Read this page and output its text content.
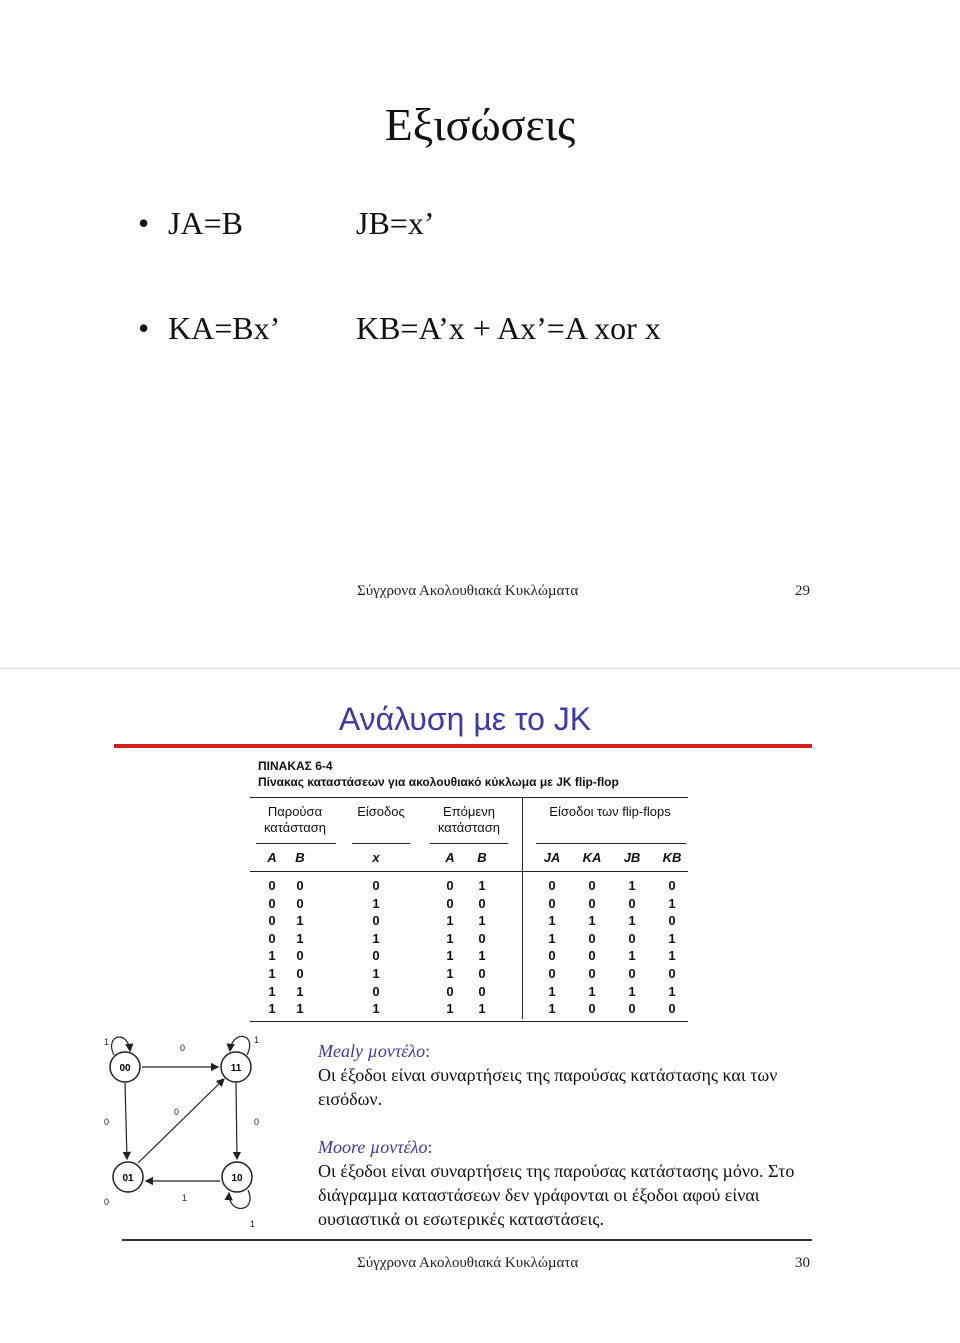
Εξισώσεις
• JA=B	JB=x’
• KA=Bx’ KB=A’x + Ax’=A xor x
Σύγχρονα Ακολουθιακά Κυκλώµατα	29
Ανάλυση µε το JK
ΠΙΝΑΚΑΣ 6-4
Πίνακας καταστάσεων για ακολουθιακό κύκλωμα με JK flip-flop
Παρούσα
κατάσταση
Είσοδος	Επόμενη
κατάσταση
Είσοδοι των flip-flops
A	B	x	A	B	JA	KA	JB	KB
0	0	0	0	1	0	0	1	0
0	0	1	0	0	0	0	0	1
0	1	0	1	1	1	1	1	0
0	1	1	1	0	1	0	0	1
1	0	0	1	1	0	0	1	1
1	0	1	1	0	0	0	0	0
1	1	0	0	0	1	1	1	1
1	1	1	1	1	1	0	0	0
00	11
01	10
1
0
1
0
0
0
0	1
1
Mealy µοντέλο:
Οι έξοδοι είναι συναρτήσεις της παρούσας κατάστασης και των
εισόδων.
Moore µοντέλο:
Οι έξοδοι είναι συναρτήσεις της παρούσας κατάστασης µόνο. Στο
διάγραµµα καταστάσεων δεν γράφονται οι έξοδοι αφού είναι
ουσιαστικά οι εσωτερικές καταστάσεις.
Σύγχρονα Ακολουθιακά Κυκλώµατα	30
